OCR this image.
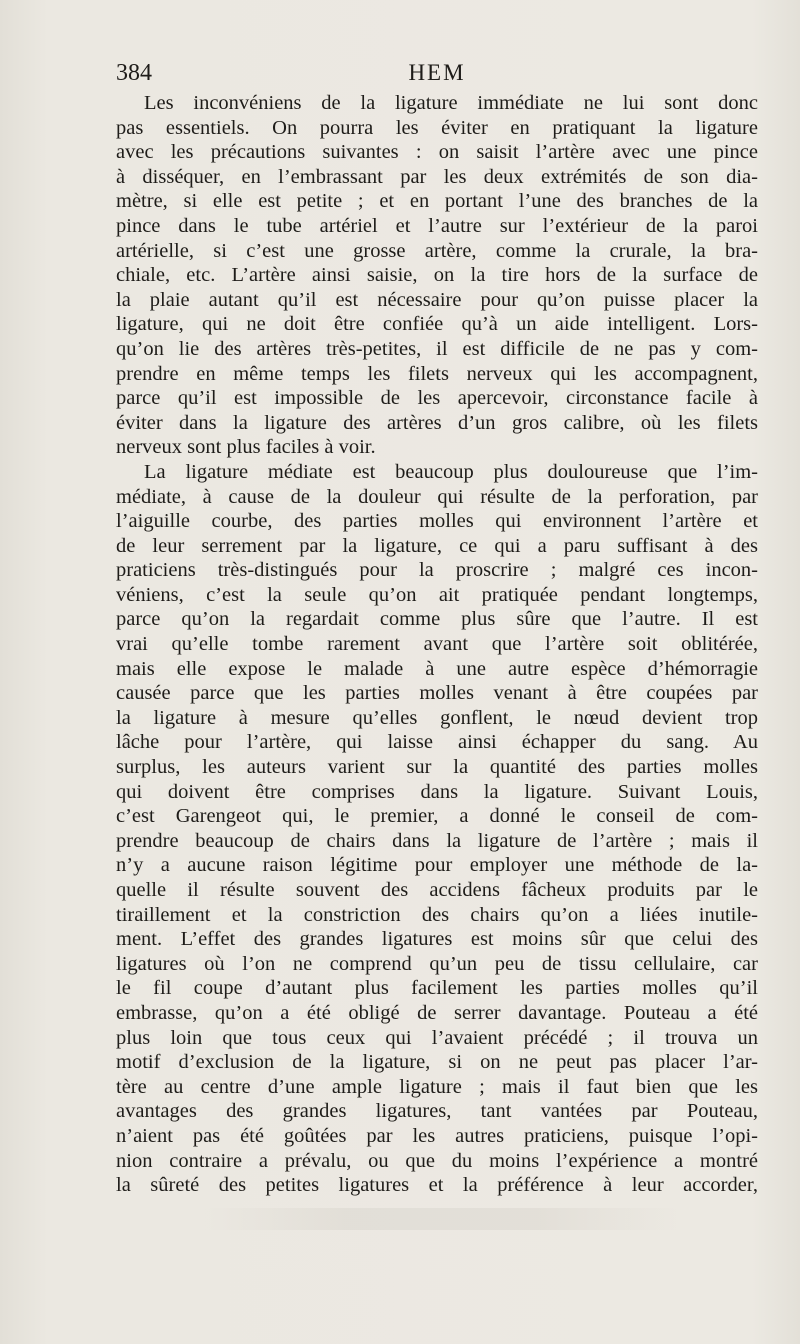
384	HEM
Les inconvéniens de la ligature immédiate ne lui sont donc
pas essentiels. On pourra les éviter en pratiquant la ligature
avec les précautions suivantes : on saisit l’artère avec une pince
à disséquer, en l’embrassant par les deux extrémités de son dia-
mètre, si elle est petite ; et en portant l’une des branches de la
pince dans le tube artériel et l’autre sur l’extérieur de la paroi
artérielle, si c’est une grosse artère, comme la crurale, la bra-
chiale, etc. L’artère ainsi saisie, on la tire hors de la surface de
la plaie autant qu’il est nécessaire pour qu’on puisse placer la
ligature, qui ne doit être confiée qu’à un aide intelligent. Lors-
qu’on lie des artères très-petites, il est difficile de ne pas y com-
prendre en même temps les filets nerveux qui les accompagnent,
parce qu’il est impossible de les apercevoir, circonstance facile à
éviter dans la ligature des artères d’un gros calibre, où les filets
nerveux sont plus faciles à voir.
La ligature médiate est beaucoup plus douloureuse que l’im-
médiate, à cause de la douleur qui résulte de la perforation, par
l’aiguille courbe, des parties molles qui environnent l’artère et
de leur serrement par la ligature, ce qui a paru suffisant à des
praticiens très-distingués pour la proscrire ; malgré ces incon-
véniens, c’est la seule qu’on ait pratiquée pendant longtemps,
parce qu’on la regardait comme plus sûre que l’autre. Il est
vrai qu’elle tombe rarement avant que l’artère soit oblitérée,
mais elle expose le malade à une autre espèce d’hémorragie
causée parce que les parties molles venant à être coupées par
la ligature à mesure qu’elles gonflent, le nœud devient trop
lâche pour l’artère, qui laisse ainsi échapper du sang. Au
surplus, les auteurs varient sur la quantité des parties molles
qui doivent être comprises dans la ligature. Suivant Louis,
c’est Garengeot qui, le premier, a donné le conseil de com-
prendre beaucoup de chairs dans la ligature de l’artère ; mais il
n’y a aucune raison légitime pour employer une méthode de la-
quelle il résulte souvent des accidens fâcheux produits par le
tiraillement et la constriction des chairs qu’on a liées inutile-
ment. L’effet des grandes ligatures est moins sûr que celui des
ligatures où l’on ne comprend qu’un peu de tissu cellulaire, car
le fil coupe d’autant plus facilement les parties molles qu’il
embrasse, qu’on a été obligé de serrer davantage. Pouteau a été
plus loin que tous ceux qui l’avaient précédé ; il trouva un
motif d’exclusion de la ligature, si on ne peut pas placer l’ar-
tère au centre d’une ample ligature ; mais il faut bien que les
avantages des grandes ligatures, tant vantées par Pouteau,
n’aient pas été goûtées par les autres praticiens, puisque l’opi-
nion contraire a prévalu, ou que du moins l’expérience a montré
la sûreté des petites ligatures et la préférence à leur accorder,
